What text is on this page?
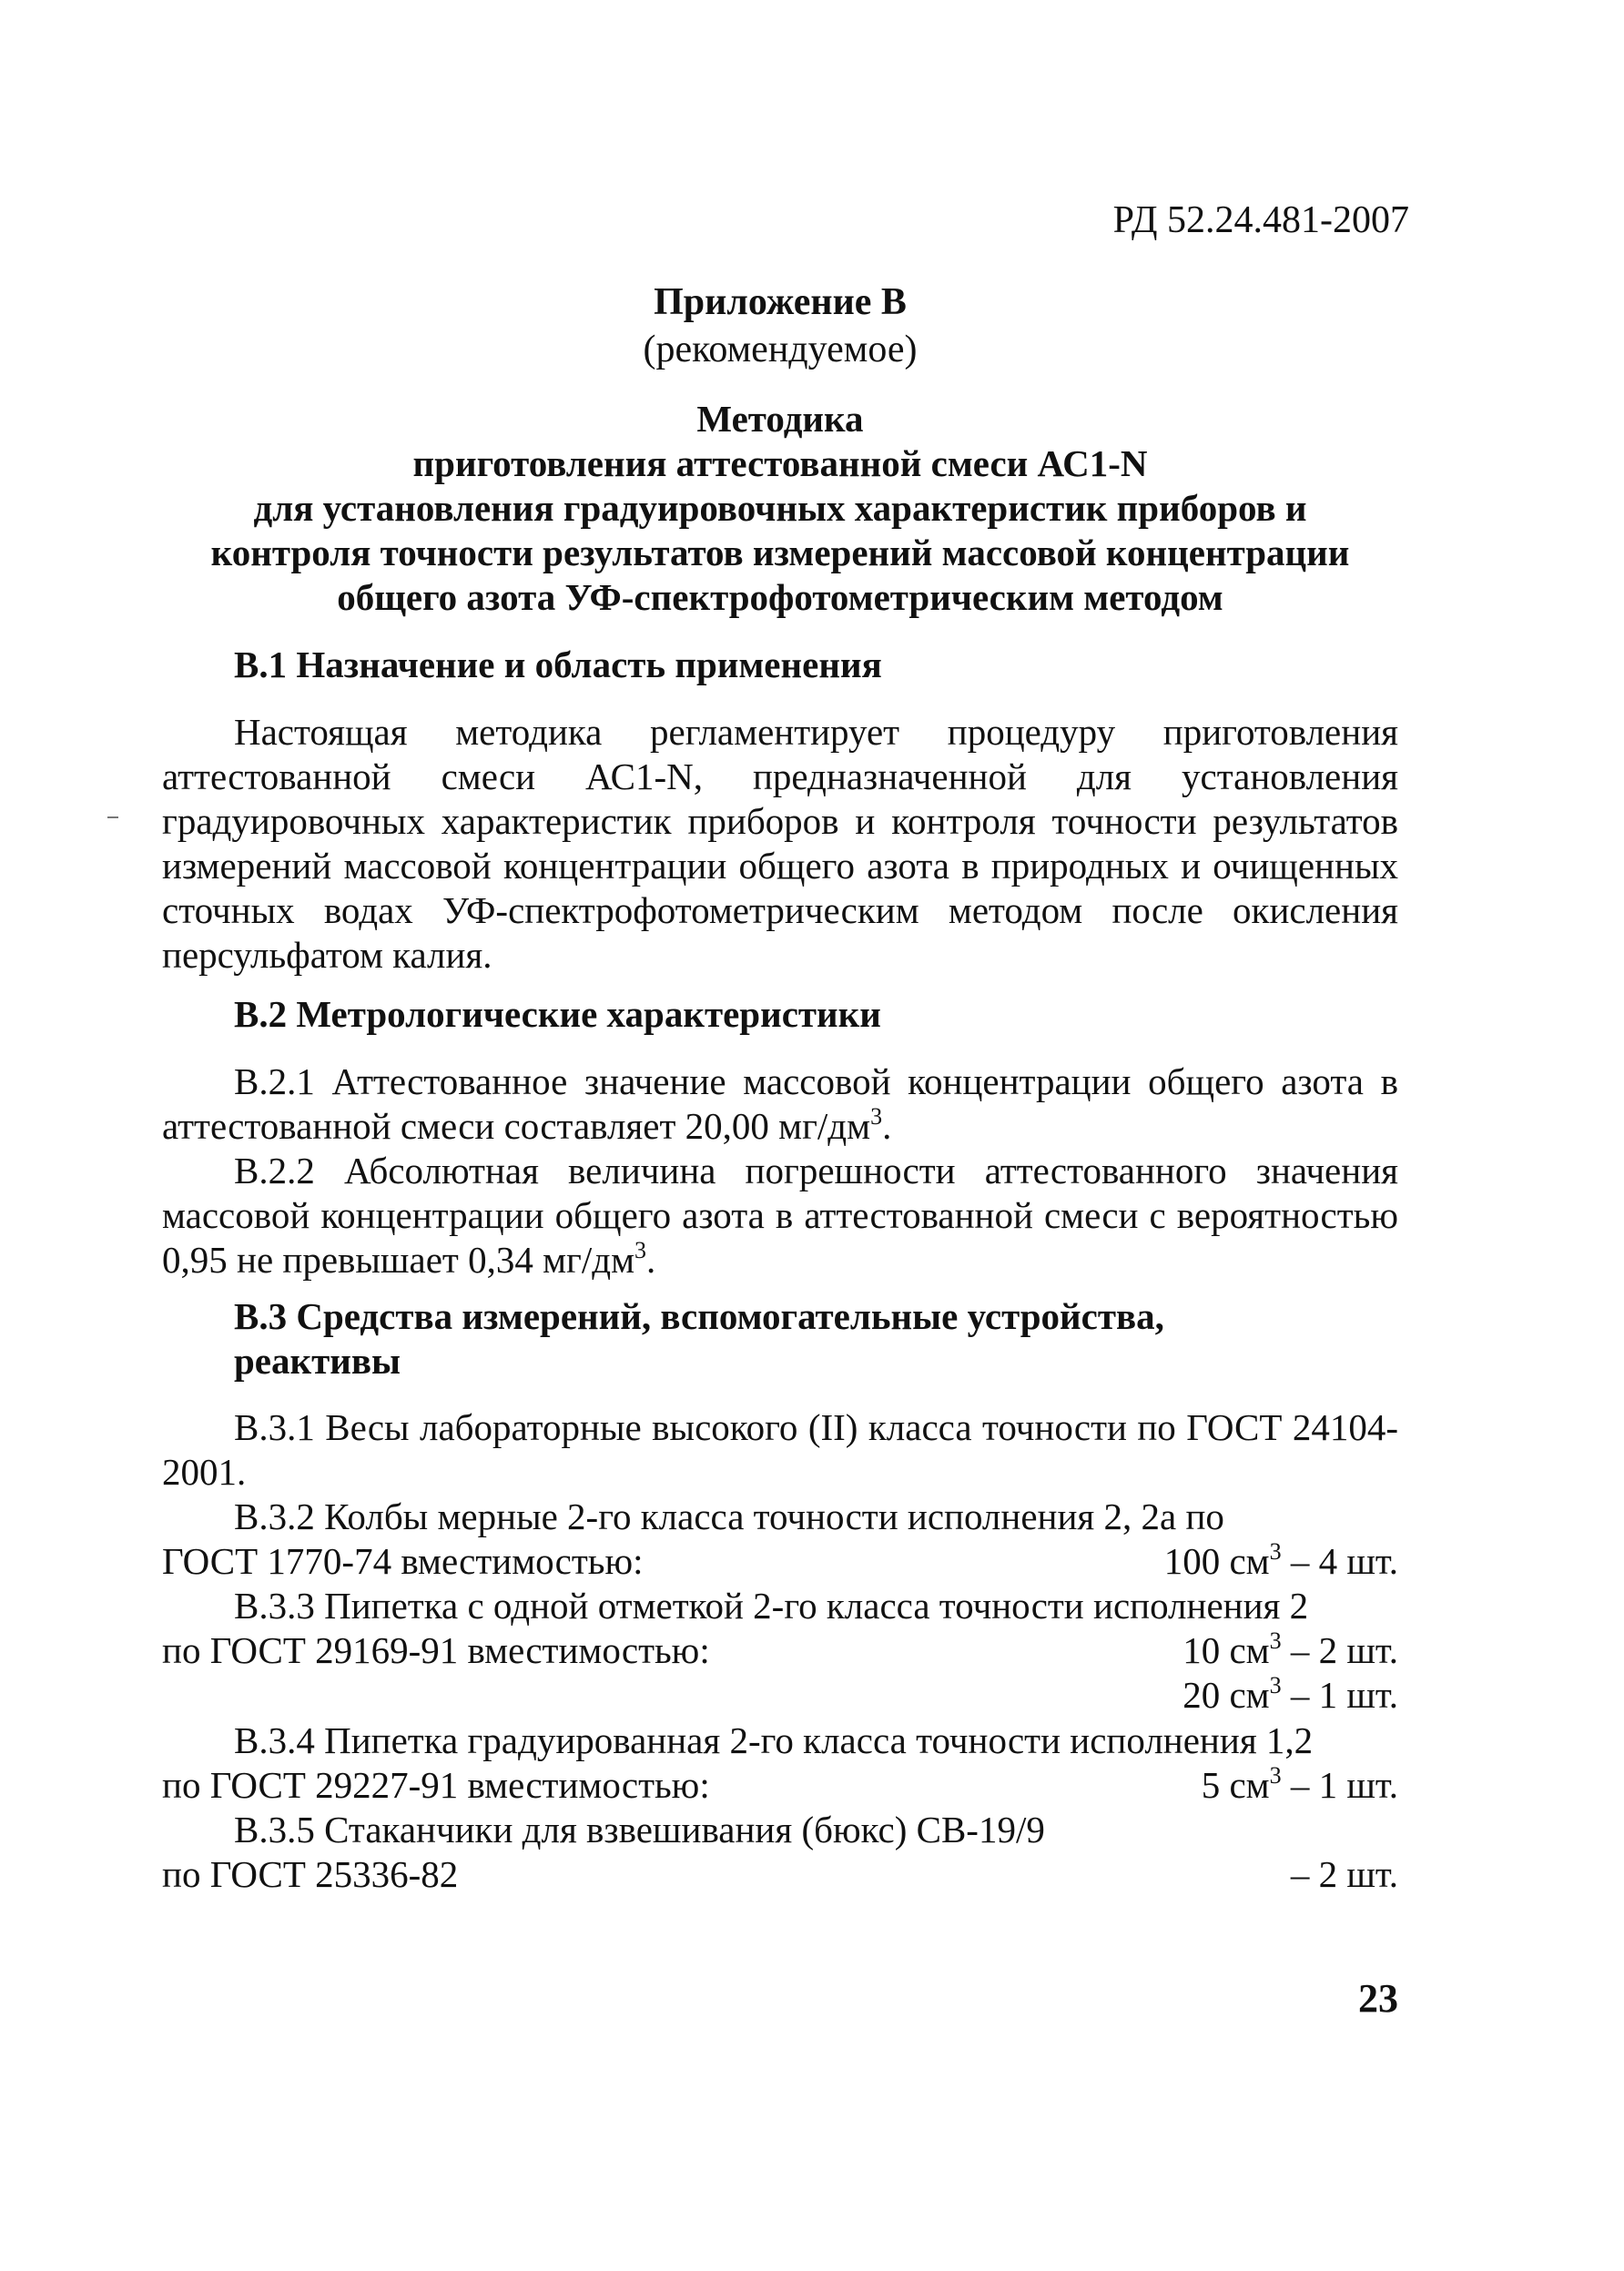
РД 52.24.481-2007
Приложение В
(рекомендуемое)
Методика
приготовления аттестованной смеси АС1-N
для установления градуировочных характеристик приборов и
контроля точности результатов измерений массовой концентрации
общего азота УФ-спектрофотометрическим методом
В.1 Назначение и область применения
Настоящая методика регламентирует процедуру приготовления аттестованной смеси АС1-N, предназначенной для установления градуировочных характеристик приборов и контроля точности результатов измерений массовой концентрации общего азота в природных и очищенных сточных водах УФ-спектрофотометрическим методом после окисления персульфатом калия.
В.2 Метрологические характеристики
В.2.1 Аттестованное значение массовой концентрации общего азота в аттестованной смеси составляет 20,00 $мг/дм^3$.
В.2.2 Абсолютная величина погрешности аттестованного значения массовой концентрации общего азота в аттестованной смеси с вероятностью 0,95 не превышает 0,34 $мг/дм^3$.
В.3 Средства измерений, вспомогательные устройства,
реактивы
В.3.1 Весы лабораторные высокого (II) класса точности по ГОСТ 24104-2001.
В.3.2 Колбы мерные 2-го класса точности исполнения 2, 2а по
ГОСТ 1770-74 вместимостью:	100 $см^3 - 4$ шт.
В.3.3 Пипетка с одной отметкой 2-го класса точности исполнения 2
по ГОСТ 29169-91 вместимостью:	10 $см^3 - 2$ шт.
20 $см^3 - 1$ шт.
В.3.4 Пипетка градуированная 2-го класса точности исполнения 1,2
по ГОСТ 29227-91 вместимостью:	5 $см^3 - 1$ шт.
В.3.5 Стаканчики для взвешивания (бюкс) СВ-19/9
по ГОСТ 25336-82	– 2 шт.
23
